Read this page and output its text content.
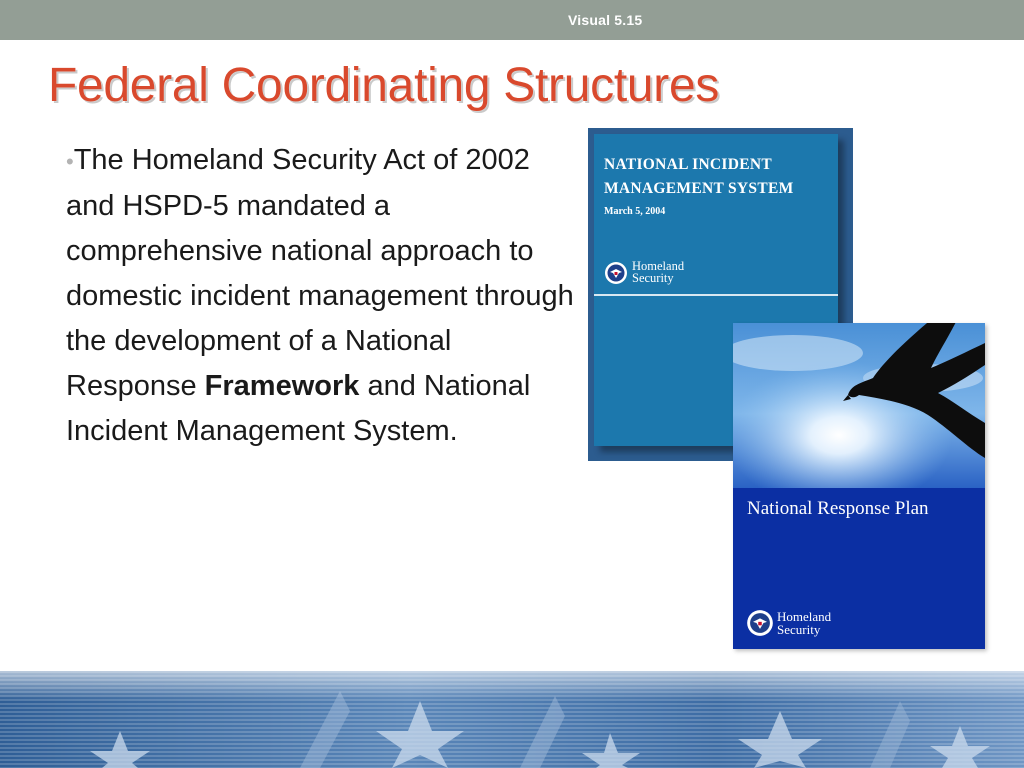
Visual 5.15
Federal Coordinating Structures

•The Homeland Security Act of 2002 and HSPD-5 mandated a comprehensive national approach to domestic incident management through the development of a National Response Framework and National Incident Management System.

NATIONAL INCIDENT
MANAGEMENT SYSTEM
March 5, 2004
Homeland
Security
National Response Plan
Homeland
Security
